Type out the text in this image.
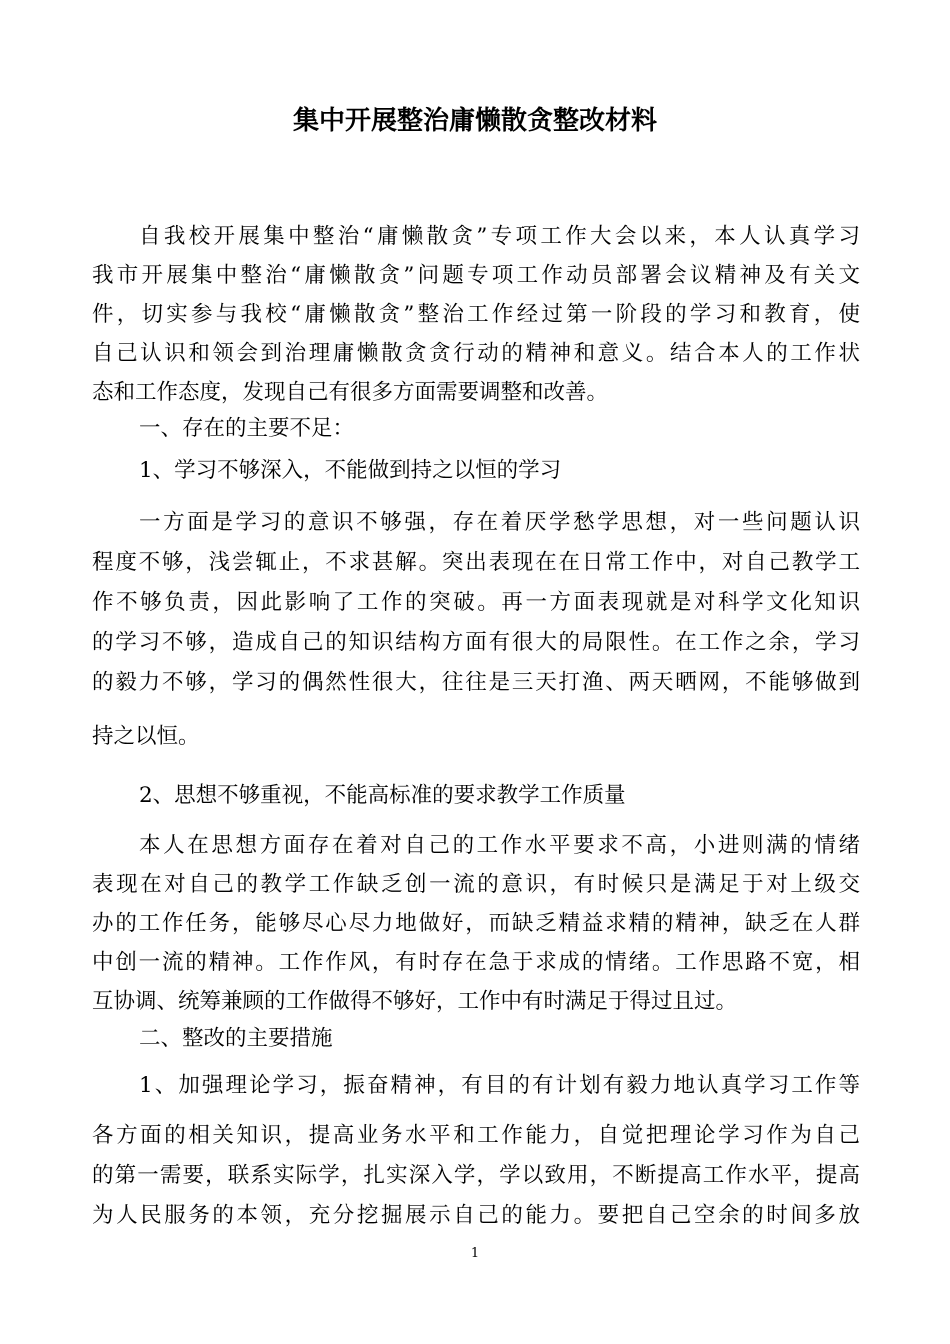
集中开展整治庸懒散贪整改材料
自我校开展集中整治“庸懒散贪”专项工作大会以来，本人认真学习
我市开展集中整治“庸懒散贪”问题专项工作动员部署会议精神及有关文
件，切实参与我校“庸懒散贪”整治工作经过第一阶段的学习和教育，使
自己认识和领会到治理庸懒散贪贪行动的精神和意义。结合本人的工作状
态和工作态度，发现自己有很多方面需要调整和改善。
一、存在的主要不足：
1、学习不够深入，不能做到持之以恒的学习
一方面是学习的意识不够强，存在着厌学愁学思想，对一些问题认识
程度不够，浅尝辄止，不求甚解。突出表现在在日常工作中，对自己教学工
作不够负责，因此影响了工作的突破。再一方面表现就是对科学文化知识
的学习不够，造成自己的知识结构方面有很大的局限性。在工作之余，学习
的毅力不够，学习的偶然性很大，往往是三天打渔、两天晒网，不能够做到
持之以恒。
2、思想不够重视，不能高标准的要求教学工作质量
本人在思想方面存在着对自己的工作水平要求不高，小进则满的情绪
表现在对自己的教学工作缺乏创一流的意识，有时候只是满足于对上级交
办的工作任务，能够尽心尽力地做好，而缺乏精益求精的精神，缺乏在人群
中创一流的精神。工作作风，有时存在急于求成的情绪。工作思路不宽，相
互协调、统筹兼顾的工作做得不够好，工作中有时满足于得过且过。
二、整改的主要措施
1、加强理论学习，振奋精神，有目的有计划有毅力地认真学习工作等
各方面的相关知识，提高业务水平和工作能力，自觉把理论学习作为自己
的第一需要，联系实际学，扎实深入学，学以致用，不断提高工作水平，提高
为人民服务的本领，充分挖掘展示自己的能力。要把自己空余的时间多放
1
